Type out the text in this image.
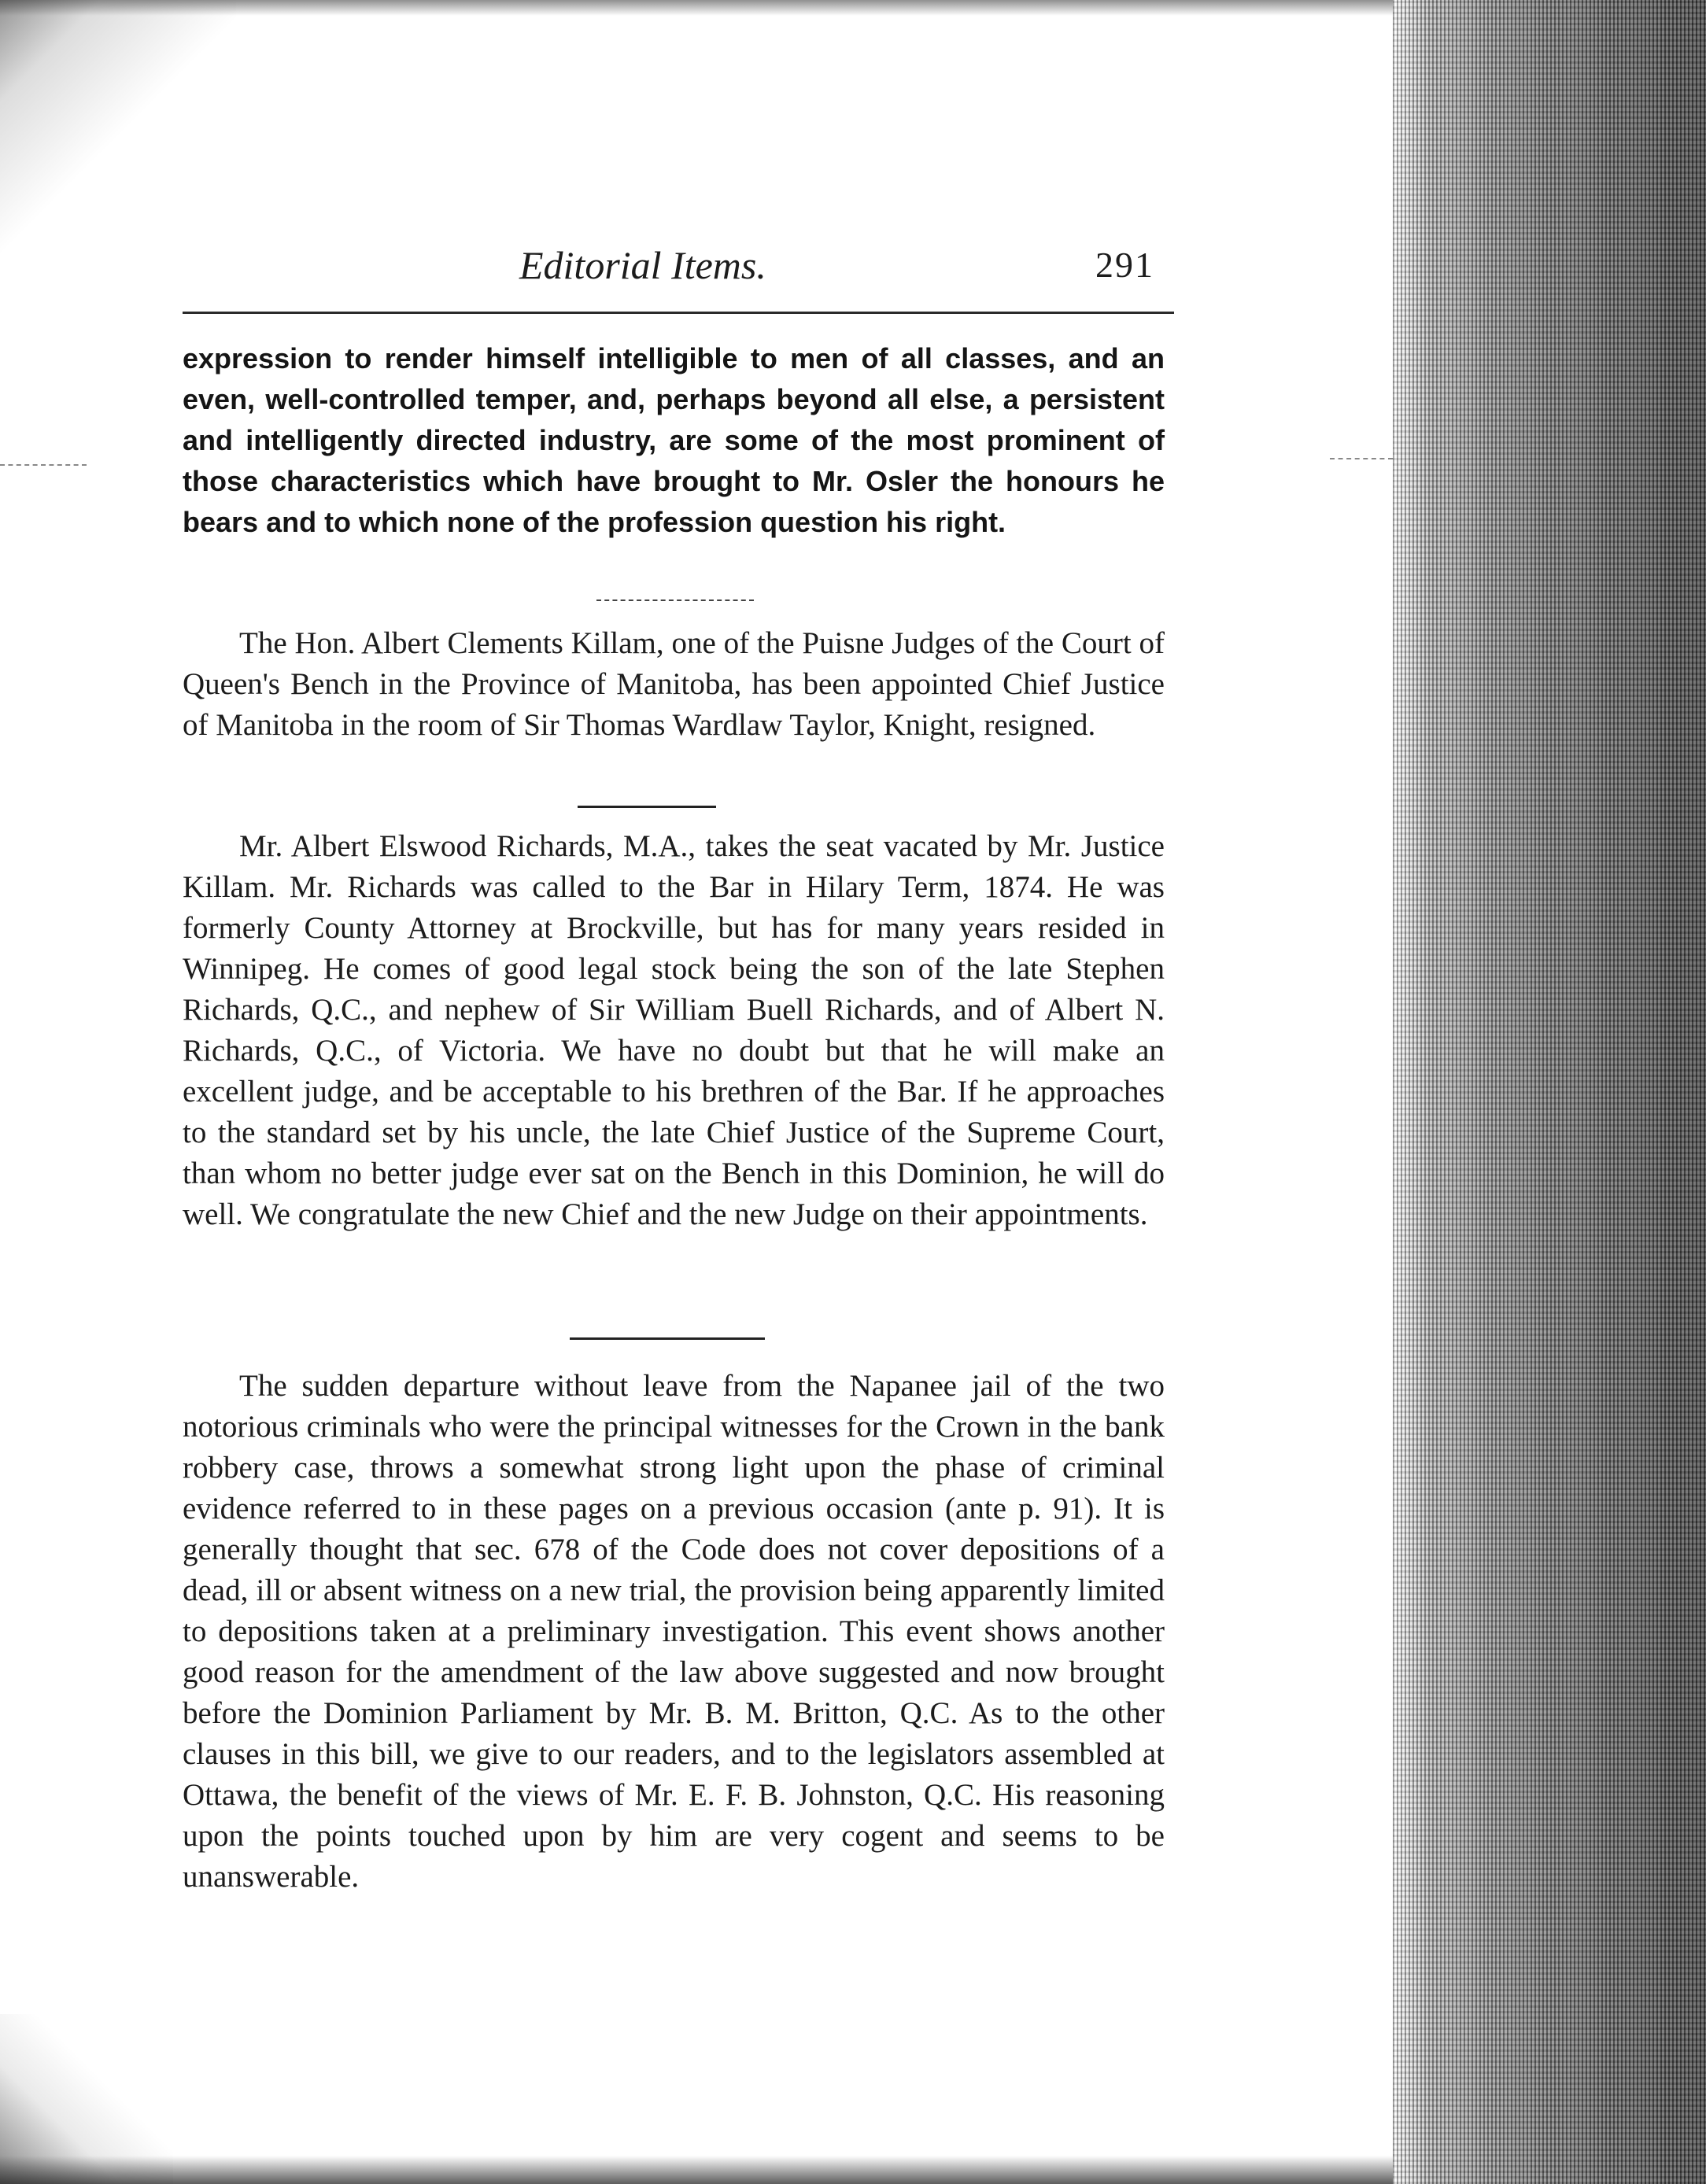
Editorial Items.	291

expression to render himself intelligible to men of all classes, and an even, well-controlled temper, and, perhaps beyond all else, a persistent and intelligently directed industry, are some of the most prominent of those characteristics which have brought to Mr. Osler the honours he bears and to which none of the profession question his right.

The Hon. Albert Clements Killam, one of the Puisne Judges of the Court of Queen's Bench in the Province of Manitoba, has been appointed Chief Justice of Manitoba in the room of Sir Thomas Wardlaw Taylor, Knight, resigned.

Mr. Albert Elswood Richards, M.A., takes the seat vacated by Mr. Justice Killam. Mr. Richards was called to the Bar in Hilary Term, 1874. He was formerly County Attorney at Brockville, but has for many years resided in Winnipeg. He comes of good legal stock being the son of the late Stephen Richards, Q.C., and nephew of Sir William Buell Richards, and of Albert N. Richards, Q.C., of Victoria. We have no doubt but that he will make an excellent judge, and be acceptable to his brethren of the Bar. If he approaches to the standard set by his uncle, the late Chief Justice of the Supreme Court, than whom no better judge ever sat on the Bench in this Dominion, he will do well. We congratulate the new Chief and the new Judge on their appointments.

The sudden departure without leave from the Napanee jail of the two notorious criminals who were the principal witnesses for the Crown in the bank robbery case, throws a somewhat strong light upon the phase of criminal evidence referred to in these pages on a previous occasion (ante p. 91). It is generally thought that sec. 678 of the Code does not cover depositions of a dead, ill or absent witness on a new trial, the provision being apparently limited to depositions taken at a preliminary investigation. This event shows another good reason for the amendment of the law above suggested and now brought before the Dominion Parliament by Mr. B. M. Britton, Q.C. As to the other clauses in this bill, we give to our readers, and to the legislators assembled at Ottawa, the benefit of the views of Mr. E. F. B. Johnston, Q.C. His reasoning upon the points touched upon by him are very cogent and seems to be unanswerable.
